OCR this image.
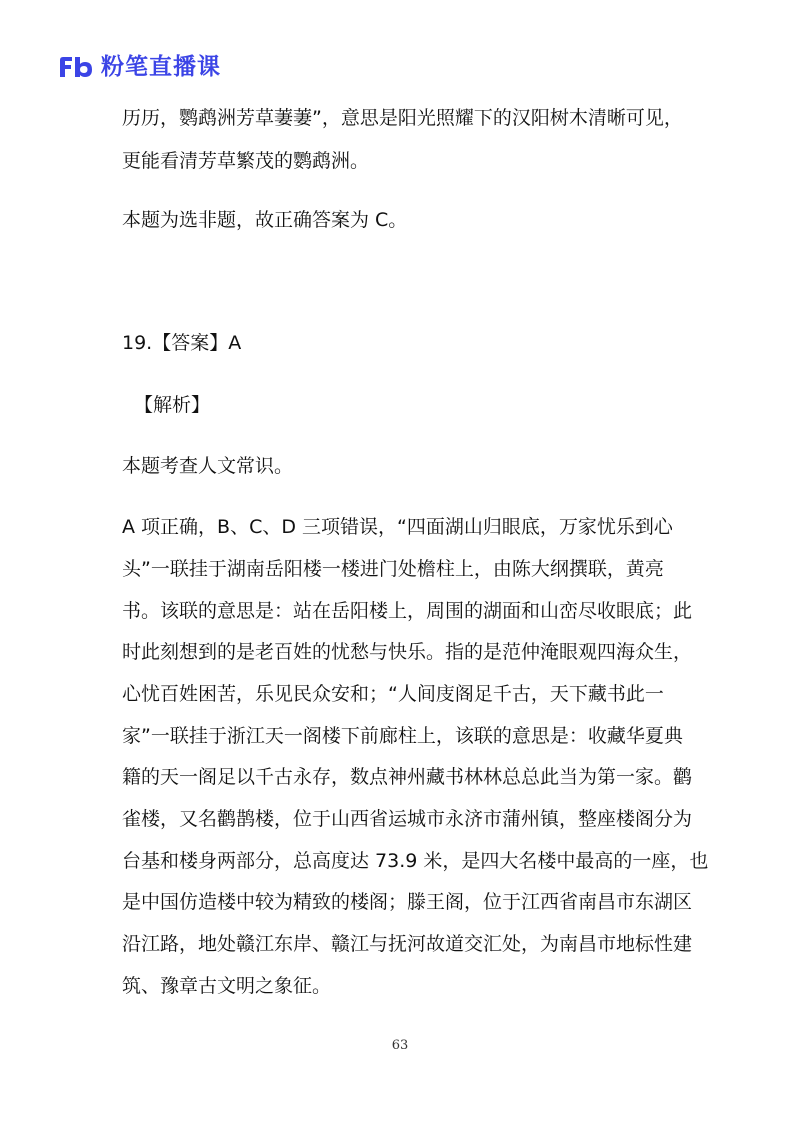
粉笔直播课
历历，鹦鹉洲芳草萋萋”，意思是阳光照耀下的汉阳树木清晰可见，
更能看清芳草繁茂的鹦鹉洲。
本题为选非题，故正确答案为 C。
19.【答案】A
【解析】
本题考查人文常识。
A 项正确，B、C、D 三项错误，“四面湖山归眼底，万家忧乐到心
头”一联挂于湖南岳阳楼一楼进门处檐柱上，由陈大纲撰联，黄亮
书。该联的意思是：站在岳阳楼上，周围的湖面和山峦尽收眼底；此
时此刻想到的是老百姓的忧愁与快乐。指的是范仲淹眼观四海众生，
心忧百姓困苦，乐见民众安和；“人间庋阁足千古，天下藏书此一
家”一联挂于浙江天一阁楼下前廊柱上，该联的意思是：收藏华夏典
籍的天一阁足以千古永存，数点神州藏书林林总总此当为第一家。鹳
雀楼，又名鹳鹊楼，位于山西省运城市永济市蒲州镇，整座楼阁分为
台基和楼身两部分，总高度达 73.9 米，是四大名楼中最高的一座，也
是中国仿造楼中较为精致的楼阁；滕王阁，位于江西省南昌市东湖区
沿江路，地处赣江东岸、赣江与抚河故道交汇处，为南昌市地标性建
筑、豫章古文明之象征。
63
